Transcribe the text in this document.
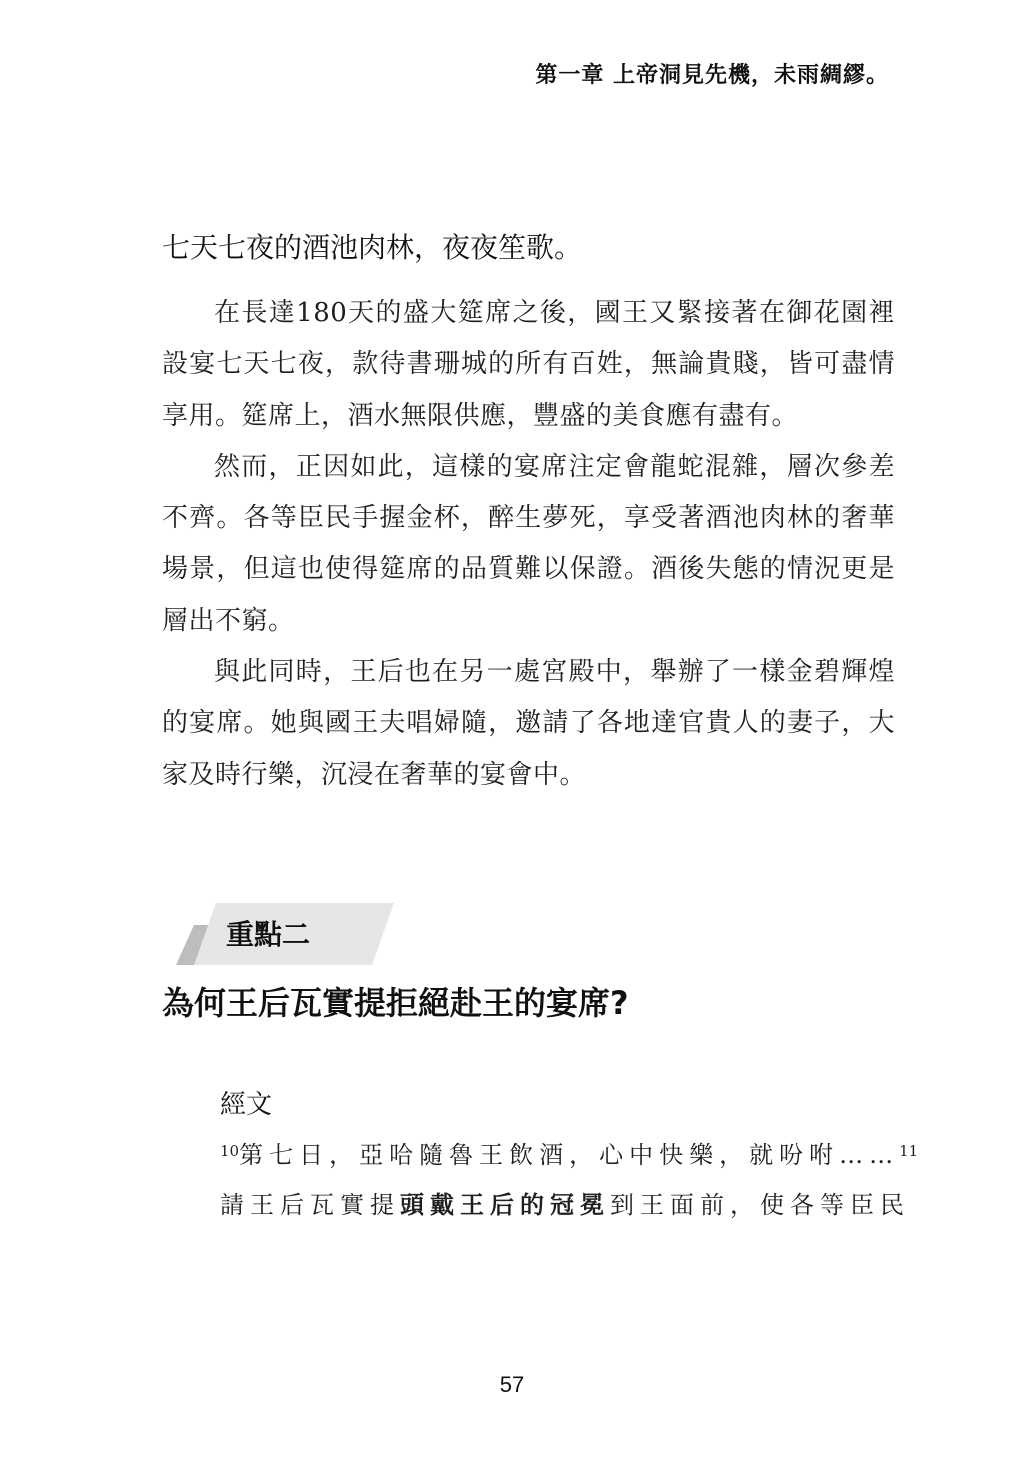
第一章 上帝洞見先機，未雨綢繆。
七天七夜的酒池肉林，夜夜笙歌。

在長達180天的盛大筵席之後，國王又緊接著在御花園裡設宴七天七夜，款待書珊城的所有百姓，無論貴賤，皆可盡情享用。筵席上，酒水無限供應，豐盛的美食應有盡有。

然而，正因如此，這樣的宴席注定會龍蛇混雜，層次參差不齊。各等臣民手握金杯，醉生夢死，享受著酒池肉林的奢華場景，但這也使得筵席的品質難以保證。酒後失態的情況更是層出不窮。

與此同時，王后也在另一處宮殿中，舉辦了一樣金碧輝煌的宴席。她與國王夫唱婦隨，邀請了各地達官貴人的妻子，大家及時行樂，沉浸在奢華的宴會中。

重點二
為何王后瓦實提拒絕赴王的宴席?
經文
$^{10}$第七日，亞哈隨魯王飲酒，心中快樂，就吩咐……$^{11}$
請王后瓦實提頭戴王后的冠冕到王面前，使各等臣民
57
